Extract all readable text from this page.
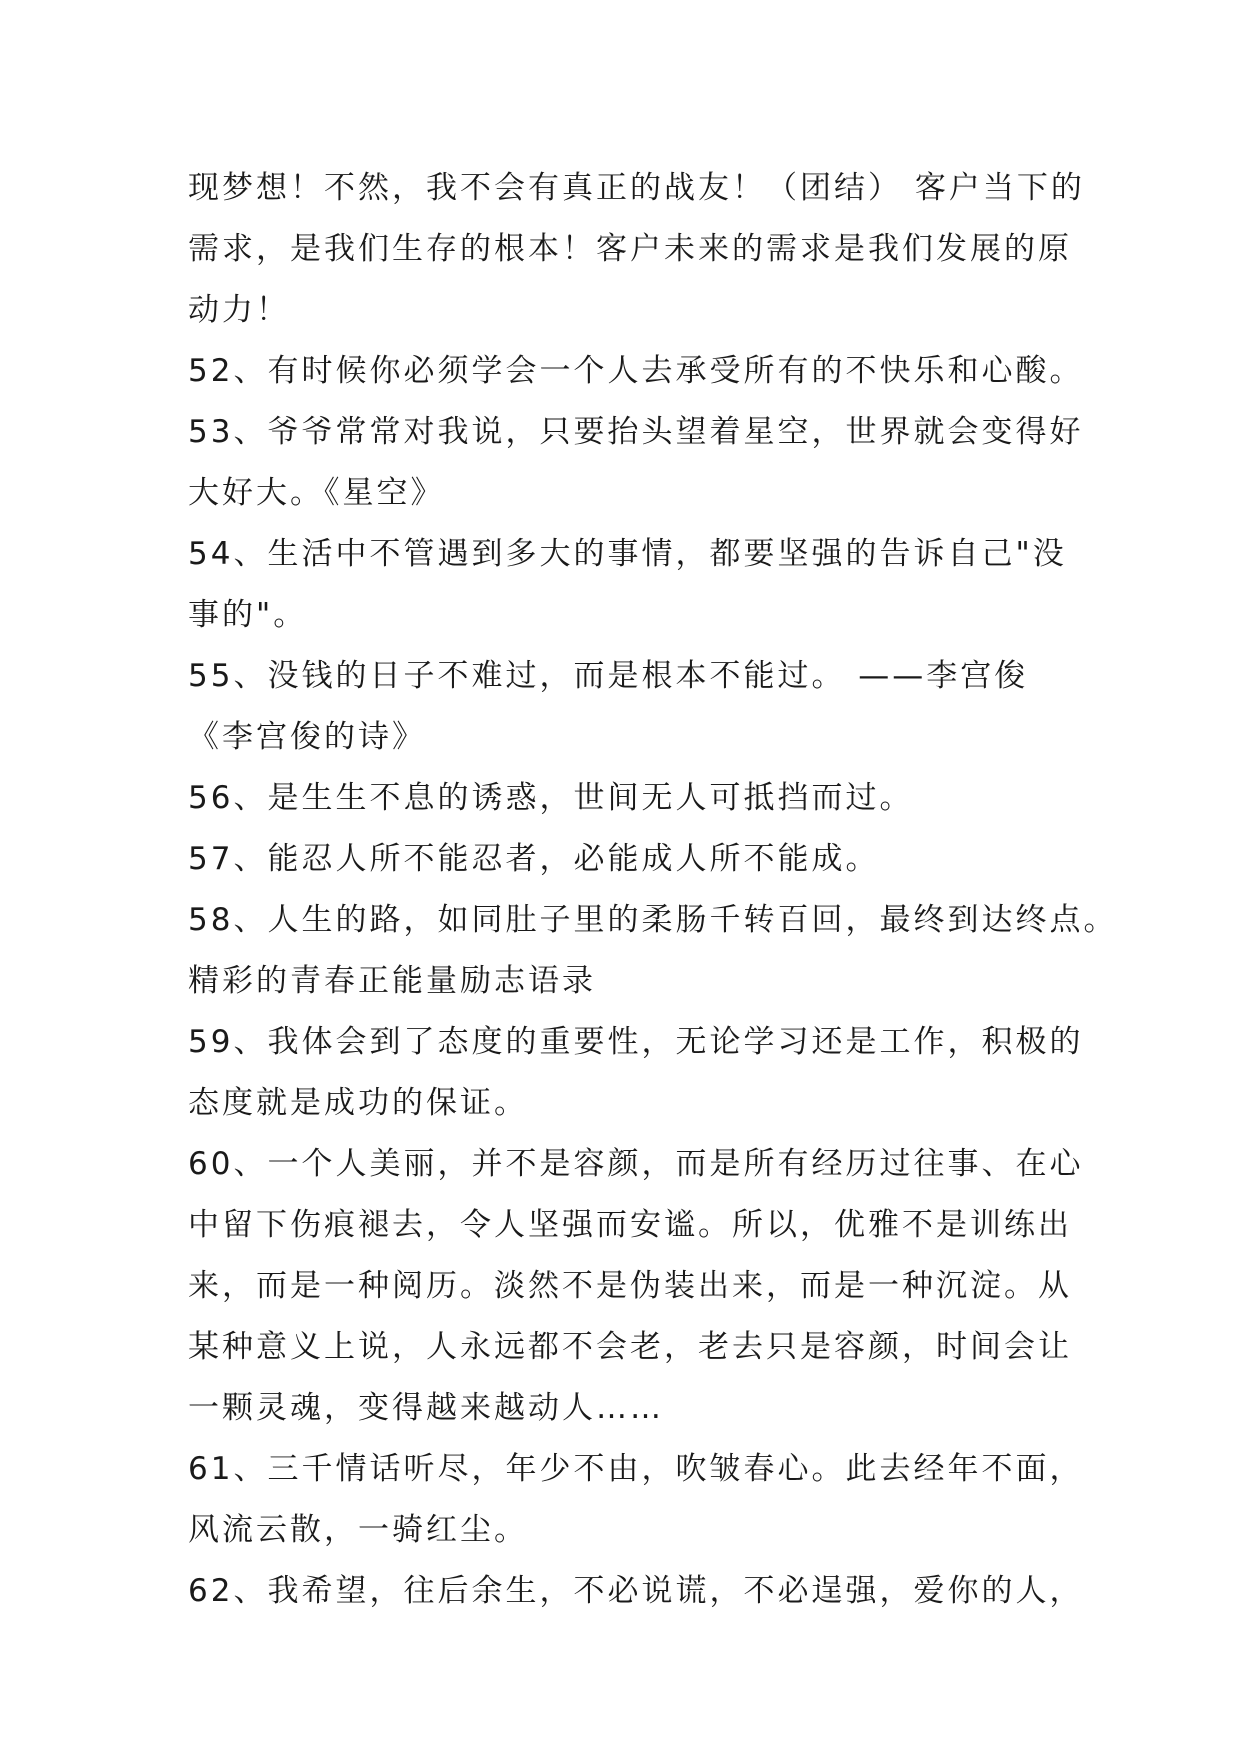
现梦想！不然，我不会有真正的战友！（团结） 客户当下的
需求，是我们生存的根本！客户未来的需求是我们发展的原
动力！
52、有时候你必须学会一个人去承受所有的不快乐和心酸。
53、爷爷常常对我说，只要抬头望着星空，世界就会变得好
大好大。《星空》
54、生活中不管遇到多大的事情，都要坚强的告诉自己"没
事的"。
55、没钱的日子不难过，而是根本不能过。 ——李宫俊
《李宫俊的诗》
56、是生生不息的诱惑，世间无人可抵挡而过。
57、能忍人所不能忍者，必能成人所不能成。
58、人生的路，如同肚子里的柔肠千转百回，最终到达终点。
精彩的青春正能量励志语录
59、我体会到了态度的重要性，无论学习还是工作，积极的
态度就是成功的保证。
60、一个人美丽，并不是容颜，而是所有经历过往事、在心
中留下伤痕褪去，令人坚强而安谧。所以，优雅不是训练出
来，而是一种阅历。淡然不是伪装出来，而是一种沉淀。从
某种意义上说，人永远都不会老，老去只是容颜，时间会让
一颗灵魂，变得越来越动人……
61、三千情话听尽，年少不由，吹皱春心。此去经年不面，
风流云散，一骑红尘。
62、我希望，往后余生，不必说谎，不必逞强，爱你的人，
